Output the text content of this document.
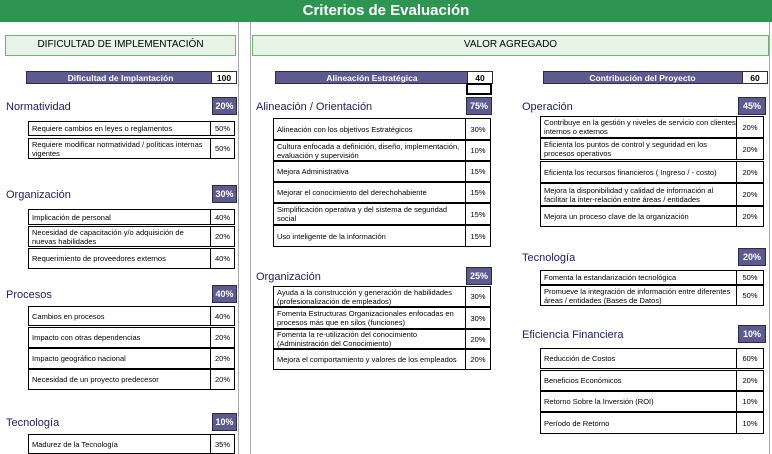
Criterios de Evaluación
DIFICULTAD DE IMPLEMENTACIÓN	VALOR AGREGADO
Dificultad de Implantación	100
Normatividad	20%
Requiere cambios en leyes o reglamentos	50%
Requiere modificar normatividad / políticas internas vigentes	50%
Organización	30%
Implicación de personal	40%
Necesidad de capacitación y/o adquisición de nuevas habilidades	20%
Requerimiento de proveedores externos	40%
Procesos	40%
Cambios en procesos	40%
Impacto con otras dependencias	20%
Impacto geográfico nacional	20%
Necesidad de un proyecto predecesor	20%
Tecnología	10%
Madurez de la Tecnología	35%
Alineación Estratégica	40
Alineación / Orientación	75%
Alineación con los objetivos Estratégicos	30%
Cultura enfocada a definición, diseño, implementación, evaluación y supervisión	10%
Mejora Administrativa	15%
Mejorar el conocimiento del derechohabiente	15%
Simplificación operativa y del sistema de seguridad social	15%
Uso inteligente de la información	15%
Organización	25%
Ayuda a la construcción y generación de habilidades (profesionalización de empleados)	30%
Fomenta Estructuras Organizacionales enfocadas en procesos más que en silos (funciones)	30%
Fomenta la re-utilización del conocimiento (Administración del Conocimiento)	20%
Mejora el comportamiento y valores de los empleados	20%
Contribución del Proyecto	60
Operación	45%
Contribuye en la gestión y niveles de servicio con clientes internos o externos	20%
Eficienta los puntos de control y seguridad en los procesos operativos	20%
Eficienta los recursos financieros ( Ingreso / - costo)	20%
Mejora la disponibilidad y calidad de información al facilitar la inter-relación entre áreas / entidades	20%
Mejora un proceso clave de la organización	20%
Tecnología	20%
Fomenta la estandarización tecnológica	50%
Promueve la integración de información entre diferentes áreas / entidades (Bases de Datos)	50%
Eficiencia Financiera	10%
Reducción de Costos	60%
Beneficios Económicos	20%
Retorno Sobre la Inversión (ROI)	10%
Período de Retorno	10%
